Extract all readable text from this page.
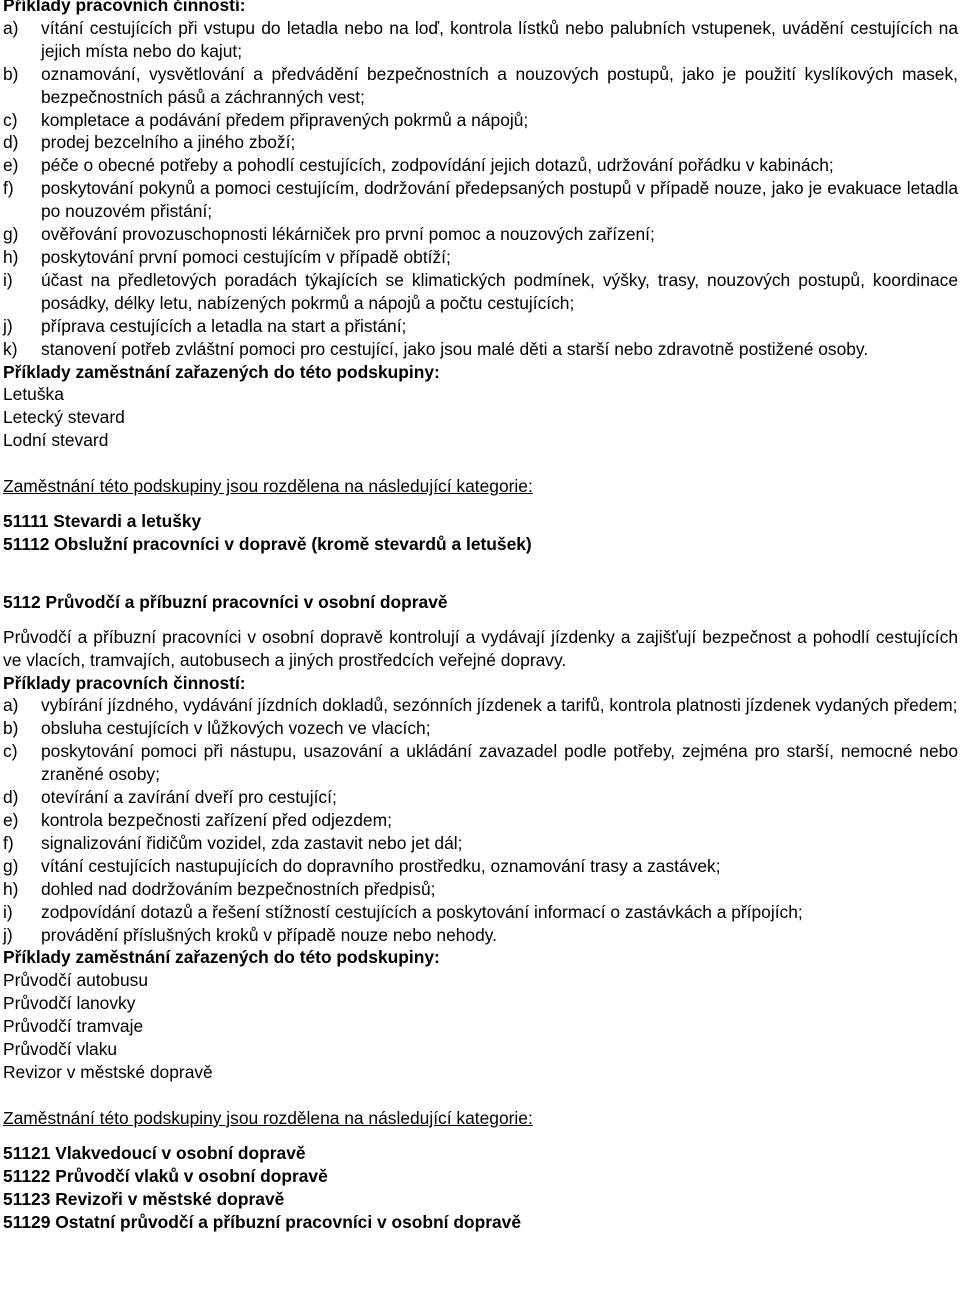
Příklady pracovních činností:
a)	vítání cestujících při vstupu do letadla nebo na loď, kontrola lístků nebo palubních vstupenek, uvádění cestujících na jejich místa nebo do kajut;
b)	oznamování, vysvětlování a předvádění bezpečnostních a nouzových postupů, jako je použití kyslíkových masek, bezpečnostních pásů a záchranných vest;
c)	kompletace a podávání předem připravených pokrmů a nápojů;
d)	prodej bezcelního a jiného zboží;
e)	péče o obecné potřeby a pohodlí cestujících, zodpovídání jejich dotazů, udržování pořádku v kabinách;
f)	poskytování pokynů a pomoci cestujícím, dodržování předepsaných postupů v případě nouze, jako je evakuace letadla po nouzovém přistání;
g)	ověřování provozuschopnosti lékárniček pro první pomoc a nouzových zařízení;
h)	poskytování první pomoci cestujícím v případě obtíží;
i)	účast na předletových poradách týkajících se klimatických podmínek, výšky, trasy, nouzových postupů, koordinace posádky, délky letu, nabízených pokrmů a nápojů a počtu cestujících;
j)	příprava cestujících a letadla na start a přistání;
k)	stanovení potřeb zvláštní pomoci pro cestující, jako jsou malé děti a starší nebo zdravotně postižené osoby.
Příklady zaměstnání zařazených do této podskupiny:
Letuška
Letecký stevard
Lodní stevard
Zaměstnání této podskupiny jsou rozdělena na následující kategorie:
51111 Stevardi a letušky
51112 Obslužní pracovníci v dopravě (kromě stevardů a letušek)
5112 Průvodčí a příbuzní pracovníci v osobní dopravě
Průvodčí a příbuzní pracovníci v osobní dopravě kontrolují a vydávají jízdenky a zajišťují bezpečnost a pohodlí cestujících ve vlacích, tramvajích, autobusech a jiných prostředcích veřejné dopravy.
Příklady pracovních činností:
a)	vybírání jízdného, vydávání jízdních dokladů, sezónních jízdenek a tarifů, kontrola platnosti jízdenek vydaných předem;
b)	obsluha cestujících v lůžkových vozech ve vlacích;
c)	poskytování pomoci při nástupu, usazování a ukládání zavazadel podle potřeby, zejména pro starší, nemocné nebo zraněné osoby;
d)	otevírání a zavírání dveří pro cestující;
e)	kontrola bezpečnosti zařízení před odjezdem;
f)	signalizování řidičům vozidel, zda zastavit nebo jet dál;
g)	vítání cestujících nastupujících do dopravního prostředku, oznamování trasy a zastávek;
h)	dohled nad dodržováním bezpečnostních předpisů;
i)	zodpovídání dotazů a řešení stížností cestujících a poskytování informací o zastávkách a přípojích;
j)	provádění příslušných kroků v případě nouze nebo nehody.
Příklady zaměstnání zařazených do této podskupiny:
Průvodčí autobusu
Průvodčí lanovky
Průvodčí tramvaje
Průvodčí vlaku
Revizor v městské dopravě
Zaměstnání této podskupiny jsou rozdělena na následující kategorie:
51121 Vlakvedoucí v osobní dopravě
51122 Průvodčí vlaků v osobní dopravě
51123 Revizoři v městské dopravě
51129 Ostatní průvodčí a příbuzní pracovníci v osobní dopravě
